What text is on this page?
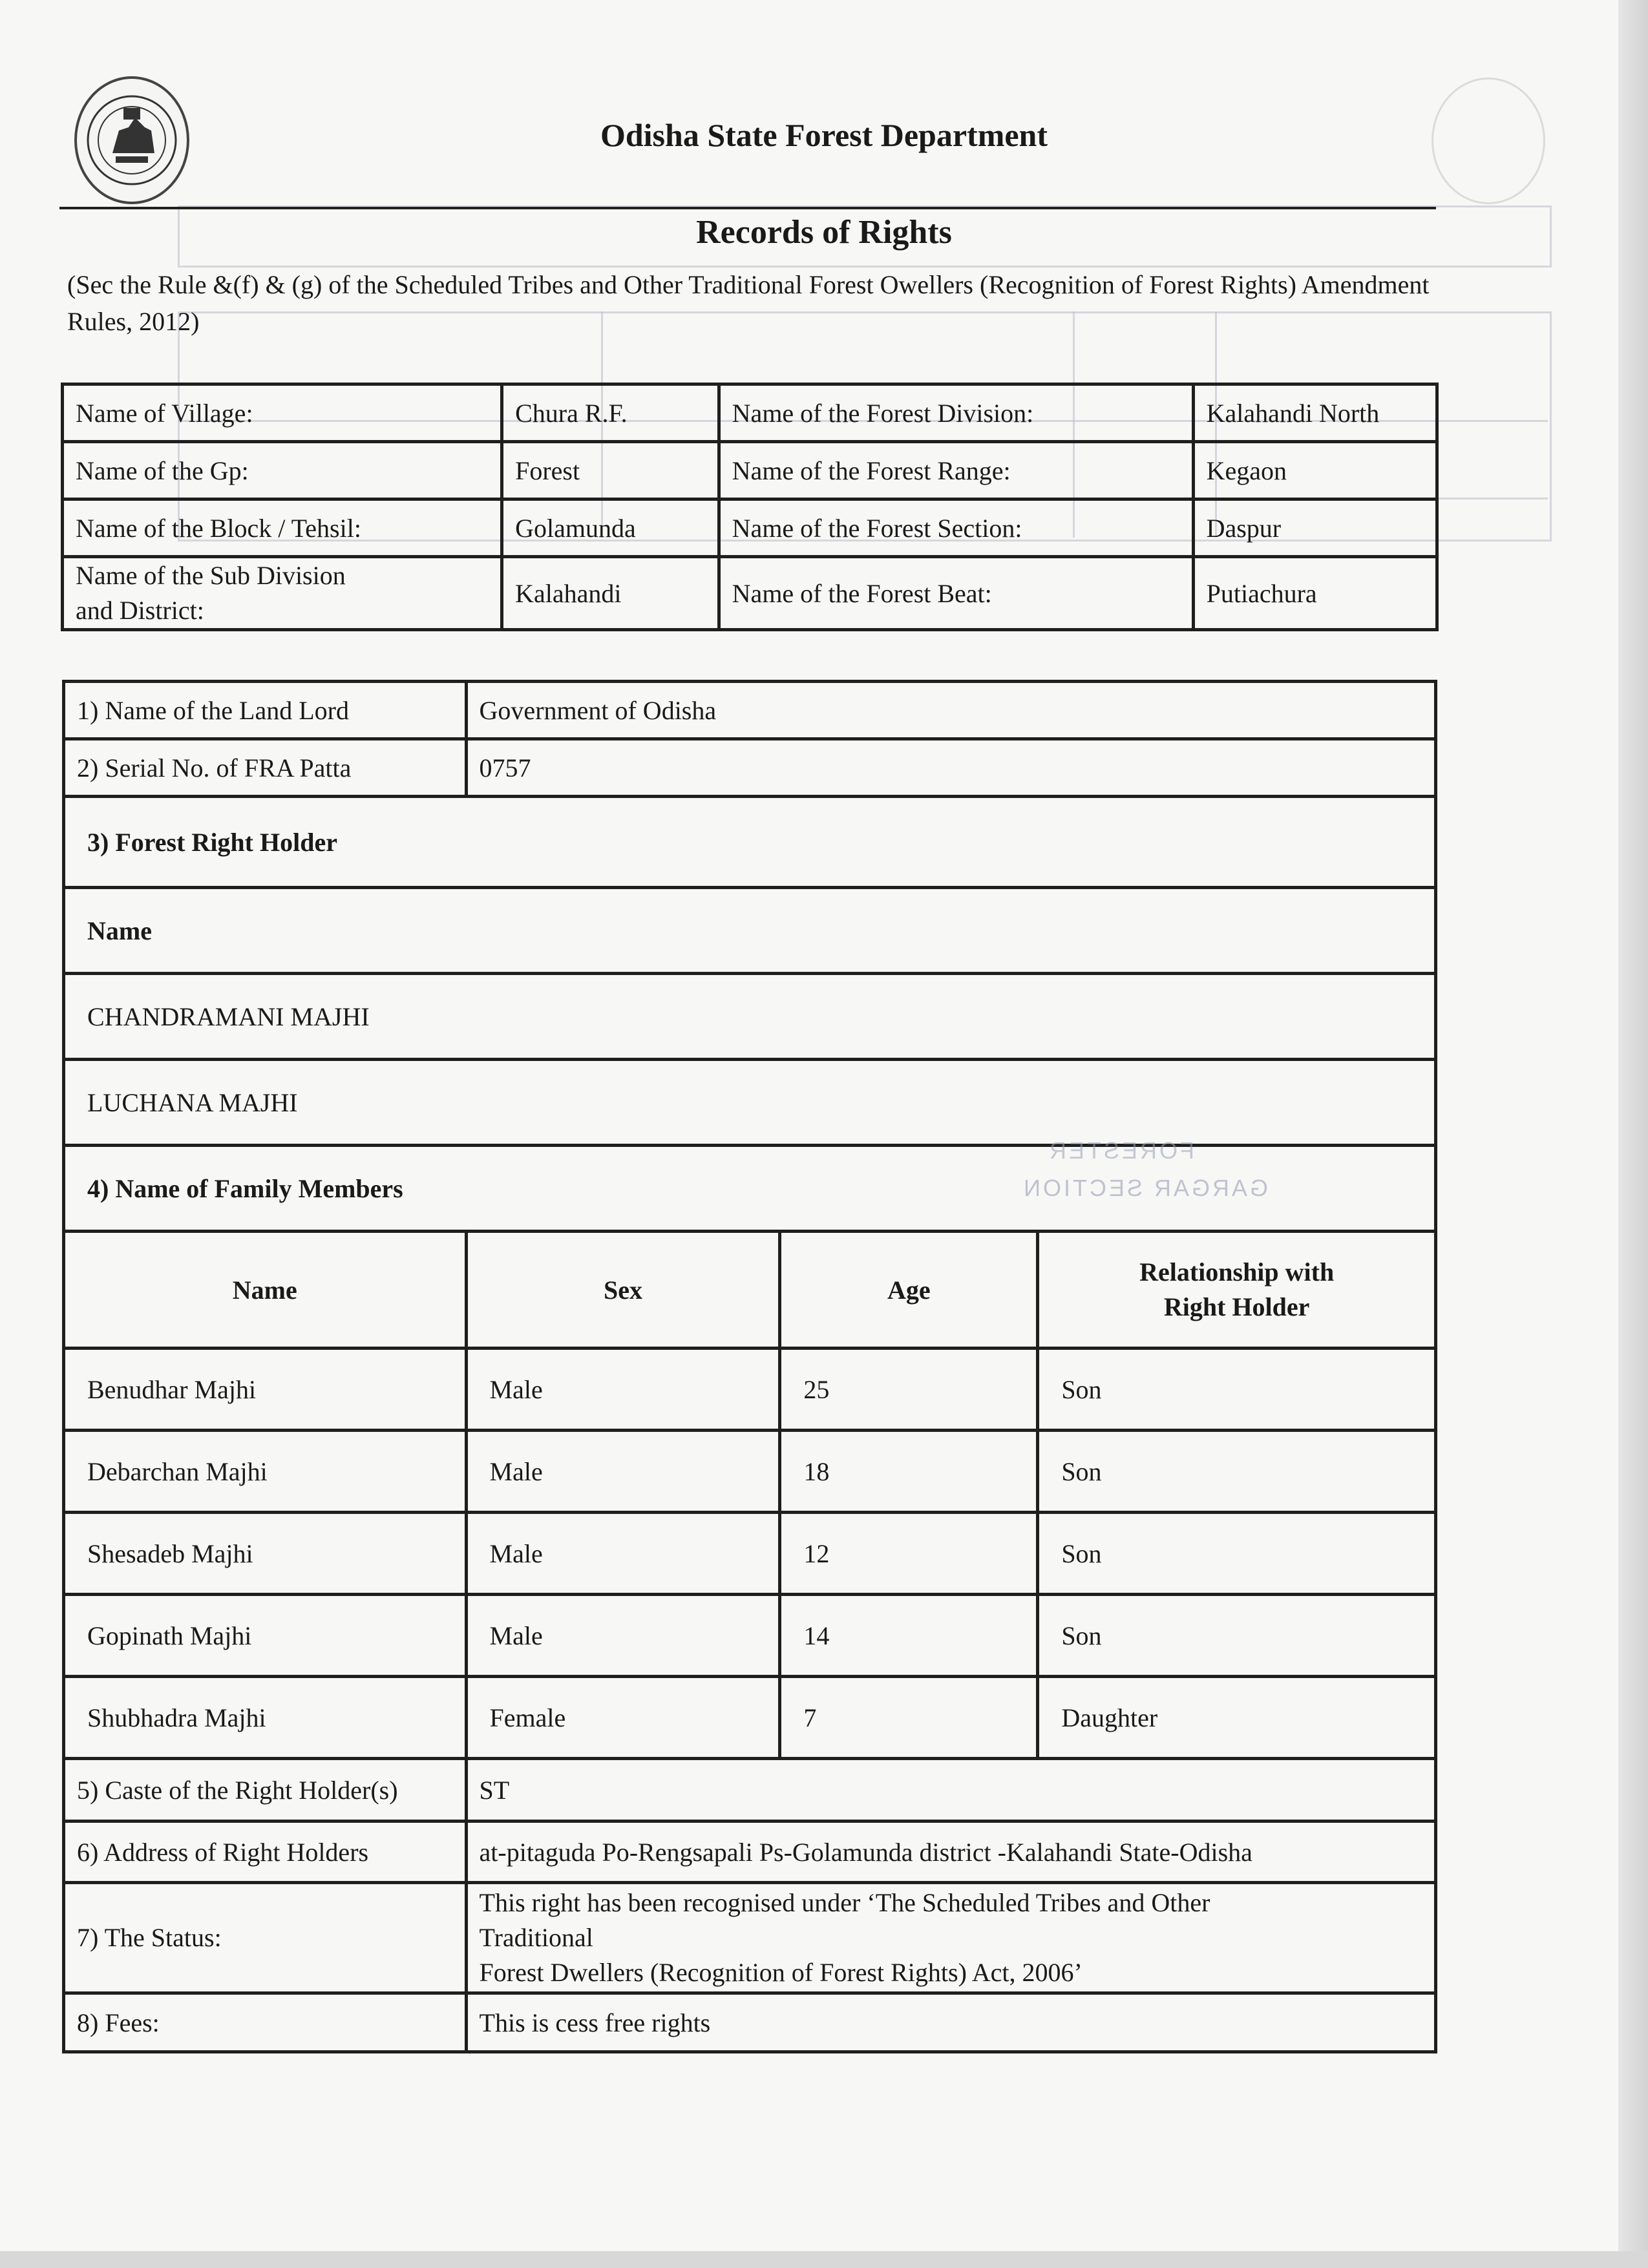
Odisha State Forest Department
Records of Rights
(Sec the Rule &(f) & (g) of the Scheduled Tribes and Other Traditional Forest Owellers (Recognition of Forest Rights) Amendment Rules, 2012)
Name of Village:	Chura R.F.	Name of the Forest Division:	Kalahandi North
Name of the Gp:	Forest	Name of the Forest Range:	Kegaon
Name of the Block / Tehsil:	Golamunda	Name of the Forest Section:	Daspur
Name of the Sub Division
and District:	Kalahandi	Name of the Forest Beat:	Putiachura
1) Name of the Land Lord	Government of Odisha		
2) Serial No. of FRA Patta	0757		
3) Forest Right Holder			
Name			
CHANDRAMANI MAJHI			
LUCHANA MAJHI			
4) Name of Family Members			
Name	Sex	Age	Relationship with
Right Holder
Benudhar Majhi	Male	25	Son
Debarchan Majhi	Male	18	Son
Shesadeb Majhi	Male	12	Son
Gopinath Majhi	Male	14	Son
Shubhadra Majhi	Female	7	Daughter
5) Caste of the Right Holder(s)	ST		
6) Address of Right Holders	at-pitaguda Po-Rengsapali Ps-Golamunda district -Kalahandi State-Odisha		
7) The Status:	This right has been recognised under ‘The Scheduled Tribes and Other
Traditional
Forest Dwellers (Recognition of Forest Rights) Act, 2006’		
8) Fees:	This is cess free rights		
FORESTER
GARGAR SECTION
